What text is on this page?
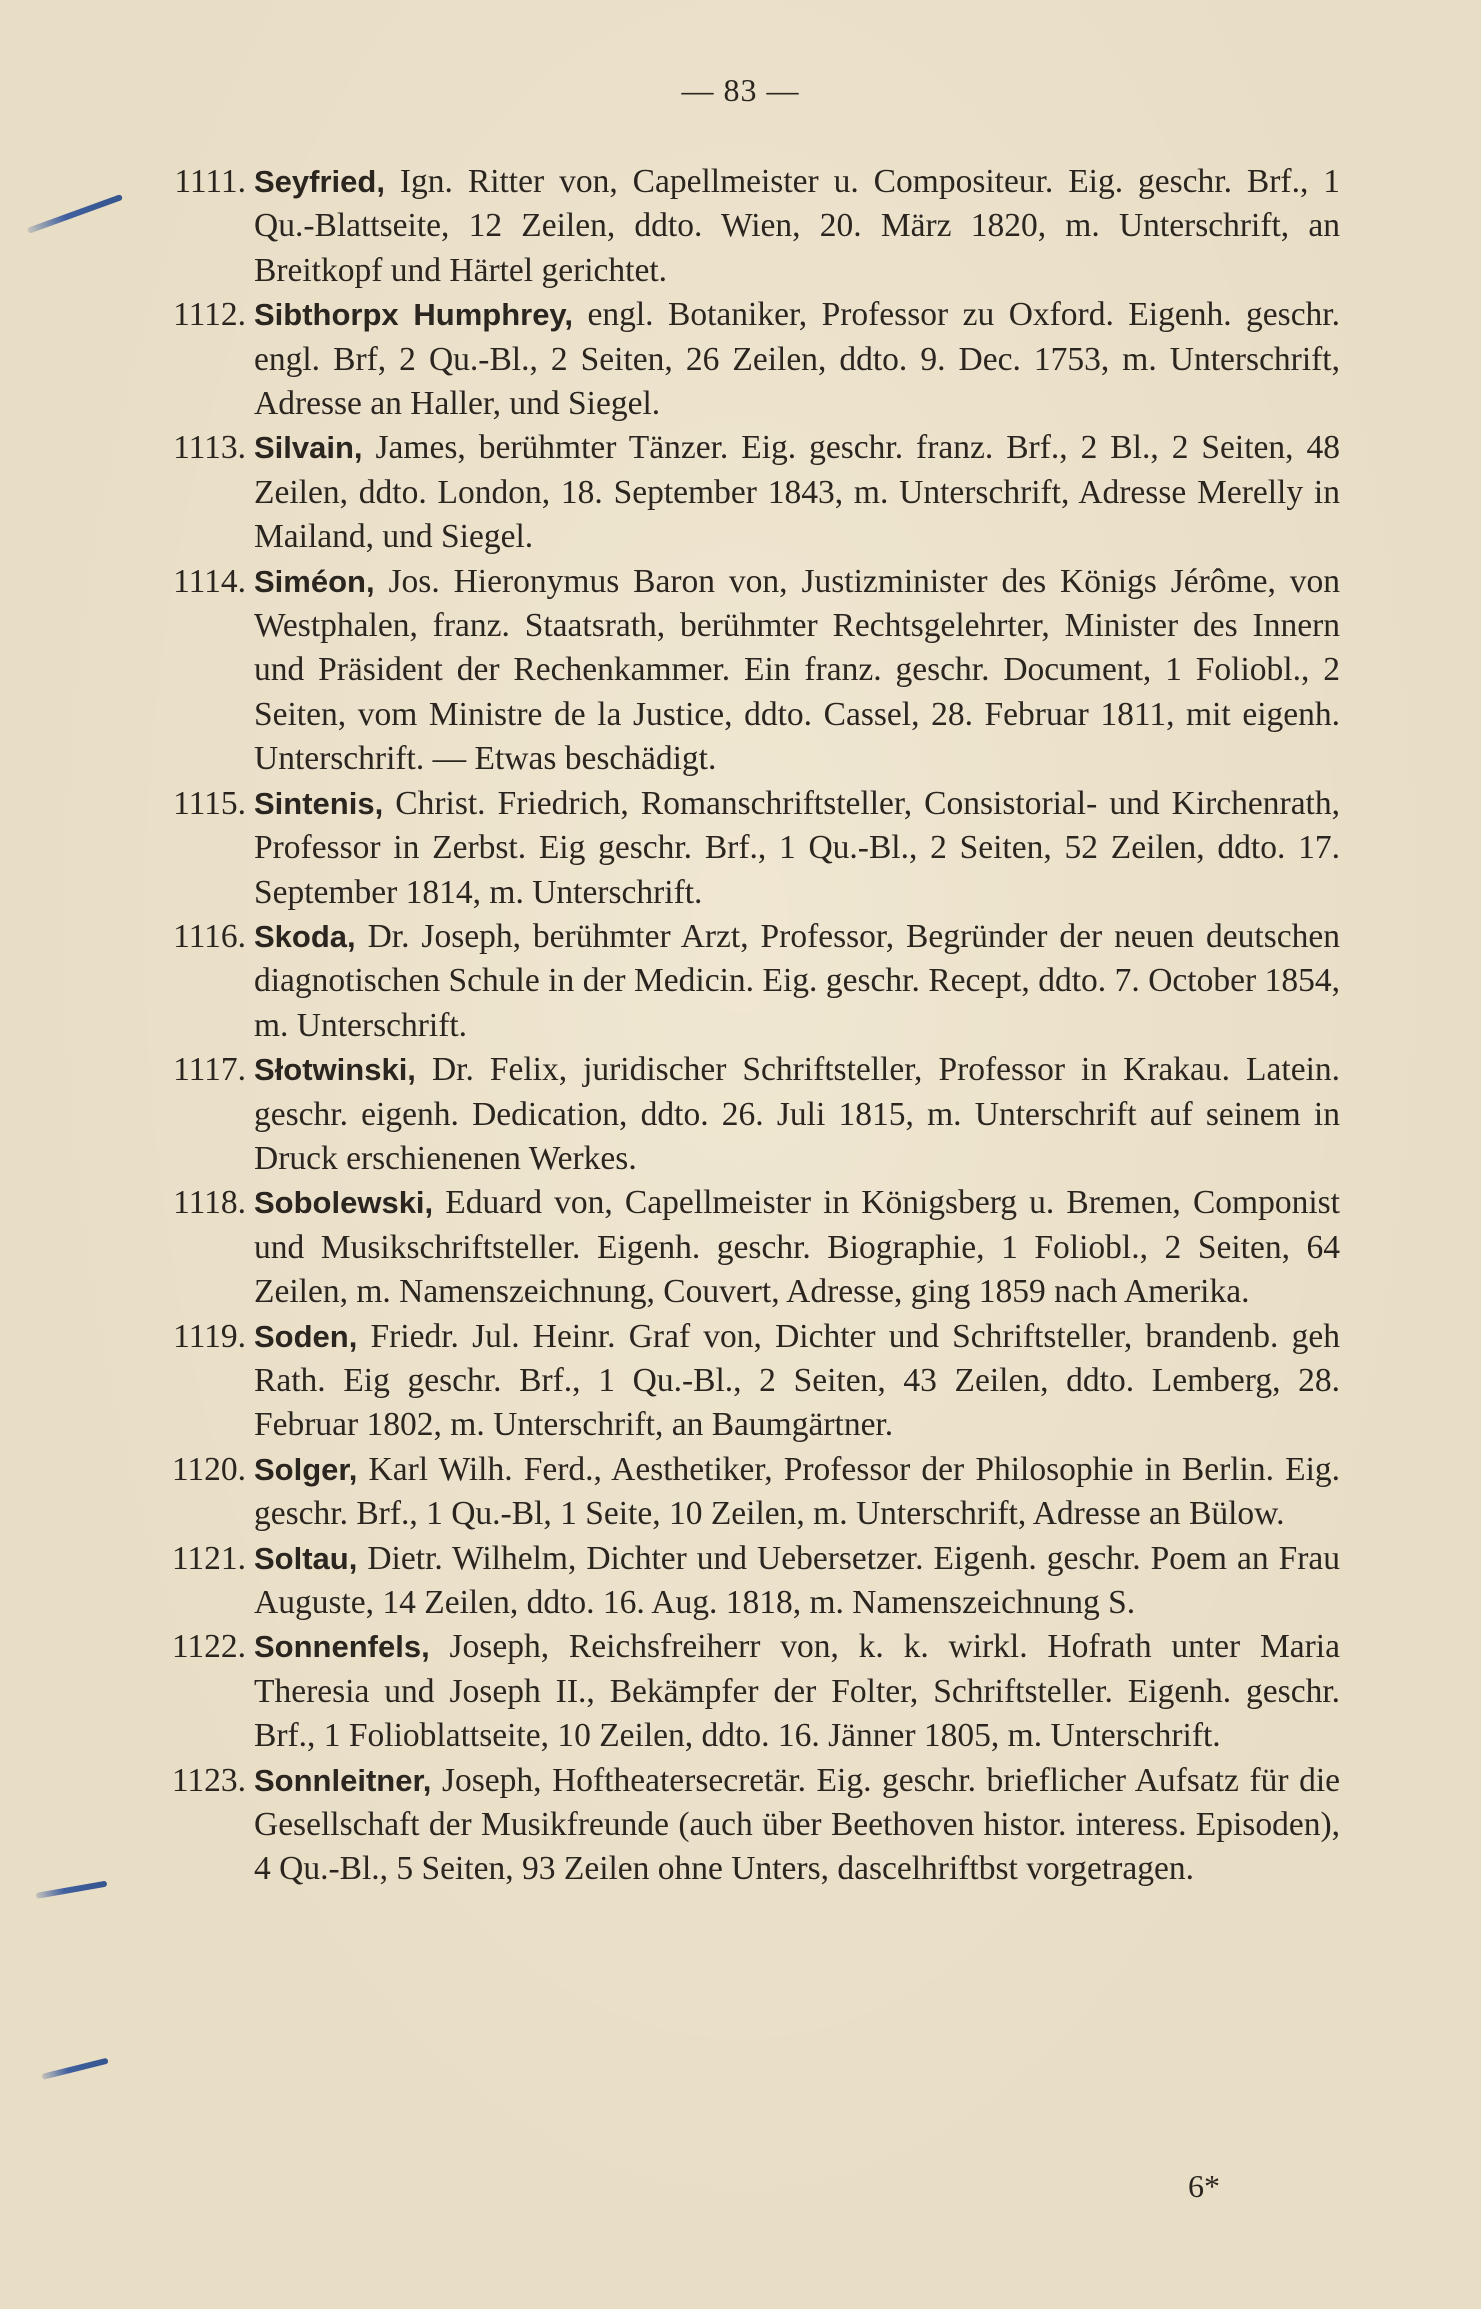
— 83 —
1111. Seyfried, Ign. Ritter von, Capellmeister u. Compositeur. Eig. geschr. Brf., 1 Qu.-Blattseite, 12 Zeilen, ddto. Wien, 20. März 1820, m. Unterschrift, an Breitkopf und Härtel gerichtet.
1112. Sibthorpx Humphrey, engl. Botaniker, Professor zu Oxford. Eigenh. geschr. engl. Brf, 2 Qu.-Bl., 2 Seiten, 26 Zeilen, ddto. 9. Dec. 1753, m. Unterschrift, Adresse an Haller, und Siegel.
1113. Silvain, James, berühmter Tänzer. Eig. geschr. franz. Brf., 2 Bl., 2 Seiten, 48 Zeilen, ddto. London, 18. September 1843, m. Unterschrift, Adresse Merelly in Mailand, und Siegel.
1114. Siméon, Jos. Hieronymus Baron von, Justizminister des Königs Jérôme, von Westphalen, franz. Staatsrath, berühmter Rechtsgelehrter, Minister des Innern und Präsident der Rechenkammer. Ein franz. geschr. Document, 1 Foliobl., 2 Seiten, vom Ministre de la Justice, ddto. Cassel, 28. Februar 1811, mit eigenh. Unterschrift. — Etwas beschädigt.
1115. Sintenis, Christ. Friedrich, Romanschriftsteller, Consistorial- und Kirchenrath, Professor in Zerbst. Eig geschr. Brf., 1 Qu.-Bl., 2 Seiten, 52 Zeilen, ddto. 17. September 1814, m. Unterschrift.
1116. Skoda, Dr. Joseph, berühmter Arzt, Professor, Begründer der neuen deutschen diagnotischen Schule in der Medicin. Eig. geschr. Recept, ddto. 7. October 1854, m. Unterschrift.
1117. Słotwinski, Dr. Felix, juridischer Schriftsteller, Professor in Krakau. Latein. geschr. eigenh. Dedication, ddto. 26. Juli 1815, m. Unterschrift auf seinem in Druck erschienenen Werkes.
1118. Sobolewski, Eduard von, Capellmeister in Königsberg u. Bremen, Componist und Musikschriftsteller. Eigenh. geschr. Biographie, 1 Foliobl., 2 Seiten, 64 Zeilen, m. Namenszeichnung, Couvert, Adresse, ging 1859 nach Amerika.
1119. Soden, Friedr. Jul. Heinr. Graf von, Dichter und Schriftsteller, brandenb. geh Rath. Eig geschr. Brf., 1 Qu.-Bl., 2 Seiten, 43 Zeilen, ddto. Lemberg, 28. Februar 1802, m. Unterschrift, an Baumgärtner.
1120. Solger, Karl Wilh. Ferd., Aesthetiker, Professor der Philosophie in Berlin. Eig. geschr. Brf., 1 Qu.-Bl, 1 Seite, 10 Zeilen, m. Unterschrift, Adresse an Bülow.
1121. Soltau, Dietr. Wilhelm, Dichter und Uebersetzer. Eigenh. geschr. Poem an Frau Auguste, 14 Zeilen, ddto. 16. Aug. 1818, m. Namenszeichnung S.
1122. Sonnenfels, Joseph, Reichsfreiherr von, k. k. wirkl. Hofrath unter Maria Theresia und Joseph II., Bekämpfer der Folter, Schriftsteller. Eigenh. geschr. Brf., 1 Folioblattseite, 10 Zeilen, ddto. 16. Jänner 1805, m. Unterschrift.
1123. Sonnleitner, Joseph, Hoftheatersecretär. Eig. geschr. brieflicher Aufsatz für die Gesellschaft der Musikfreunde (auch über Beethoven histor. interess. Episoden), 4 Qu.-Bl., 5 Seiten, 93 Zeilen ohne Unters, dascelhriftbst vorgetragen.
6*
